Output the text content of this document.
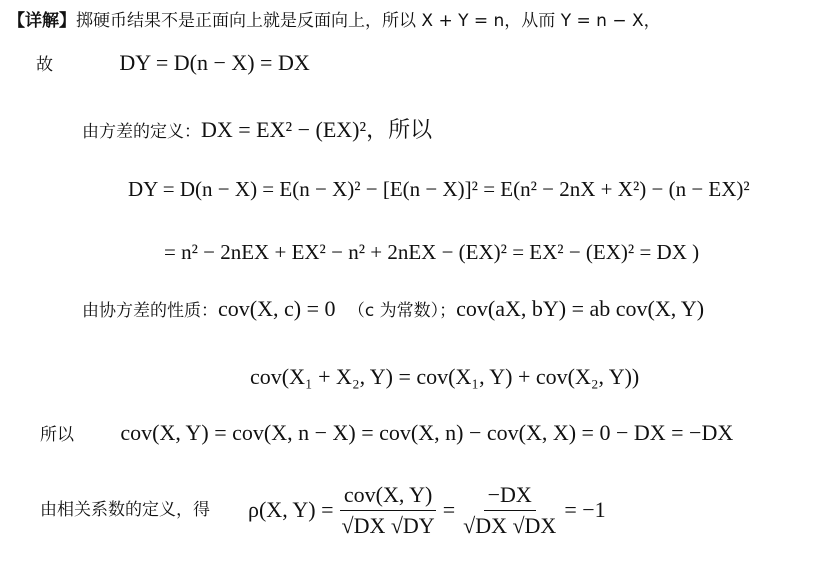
【详解】掷硬币结果不是正面向上就是反面向上，所以 X + Y = n，从而 Y = n − X，
故	DY = D(n − X) = DX
由方差的定义：DX = EX² − (EX)²，所以
DY = D(n − X) = E(n − X)² − [E(n − X)]² = E(n² − 2nX + X²) − (n − EX)²
= n² − 2nEX + EX² − n² + 2nEX − (EX)² = EX² − (EX)² = DX )
由协方差的性质：cov(X, c) = 0 （c 为常数）；cov(aX, bY) = ab cov(X, Y)
cov(X₁ + X₂, Y) = cov(X₁, Y) + cov(X₂, Y))
所以 cov(X, Y) = cov(X, n − X) = cov(X, n) − cov(X, X) = 0 − DX = −DX
由相关系数的定义，得 ρ(X, $Y) = \frac{\text{cov(X, Y)}}{√DX √DY} = \frac{-DX}{√DX √DX} = -1$
